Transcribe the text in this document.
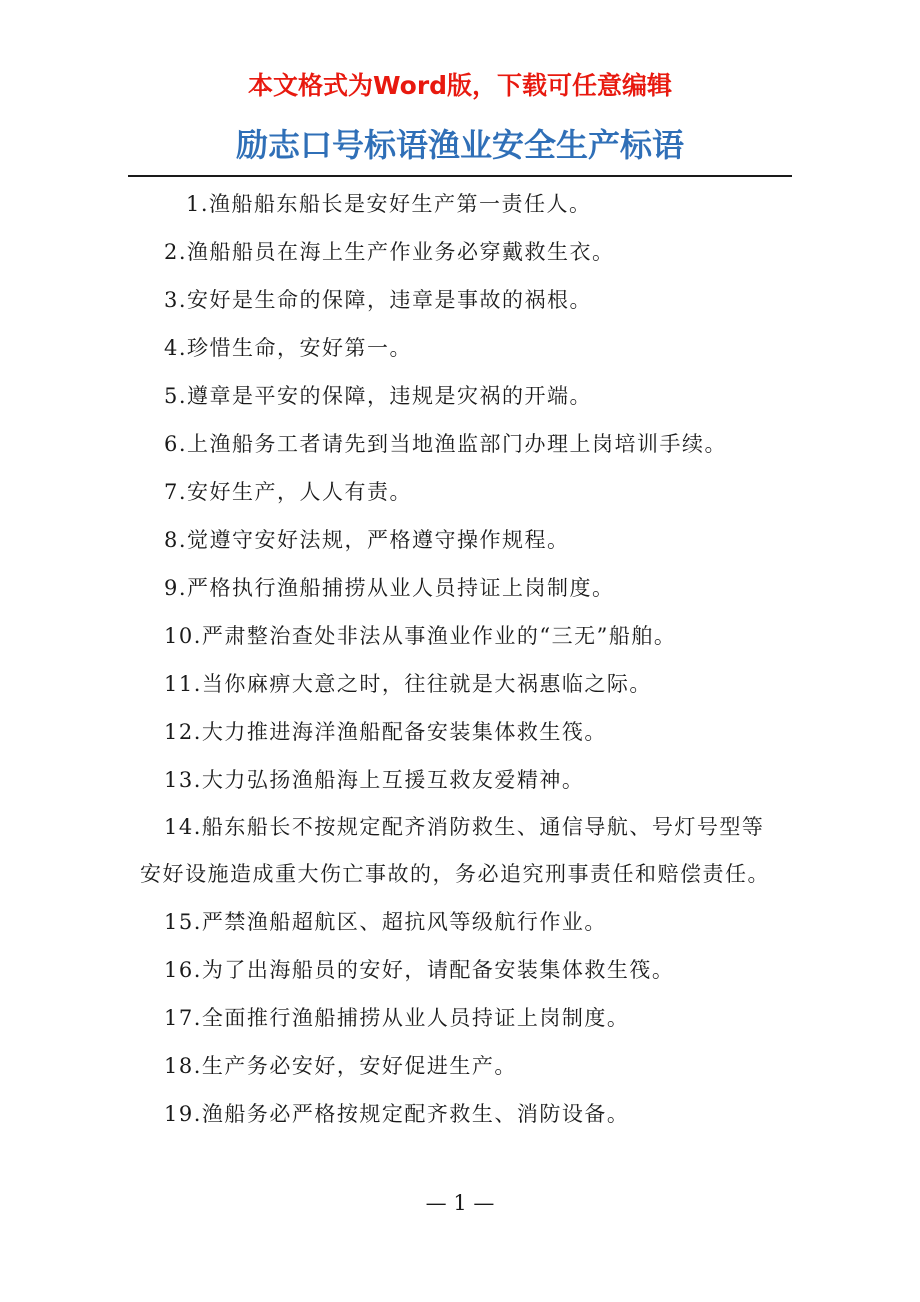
本文格式为Word版，下载可任意编辑
励志口号标语渔业安全生产标语
1.渔船船东船长是安好生产第一责任人。
2.渔船船员在海上生产作业务必穿戴救生衣。
3.安好是生命的保障，违章是事故的祸根。
4.珍惜生命，安好第一。
5.遵章是平安的保障，违规是灾祸的开端。
6.上渔船务工者请先到当地渔监部门办理上岗培训手续。
7.安好生产，人人有责。
8.觉遵守安好法规，严格遵守操作规程。
9.严格执行渔船捕捞从业人员持证上岗制度。
10.严肃整治查处非法从事渔业作业的“三无”船舶。
11.当你麻痹大意之时，往往就是大祸惠临之际。
12.大力推进海洋渔船配备安装集体救生筏。
13.大力弘扬渔船海上互援互救友爱精神。
14.船东船长不按规定配齐消防救生、通信导航、号灯号型等安好设施造成重大伤亡事故的，务必追究刑事责任和赔偿责任。
15.严禁渔船超航区、超抗风等级航行作业。
16.为了出海船员的安好，请配备安装集体救生筏。
17.全面推行渔船捕捞从业人员持证上岗制度。
18.生产务必安好，安好促进生产。
19.渔船务必严格按规定配齐救生、消防设备。
— 1 —
